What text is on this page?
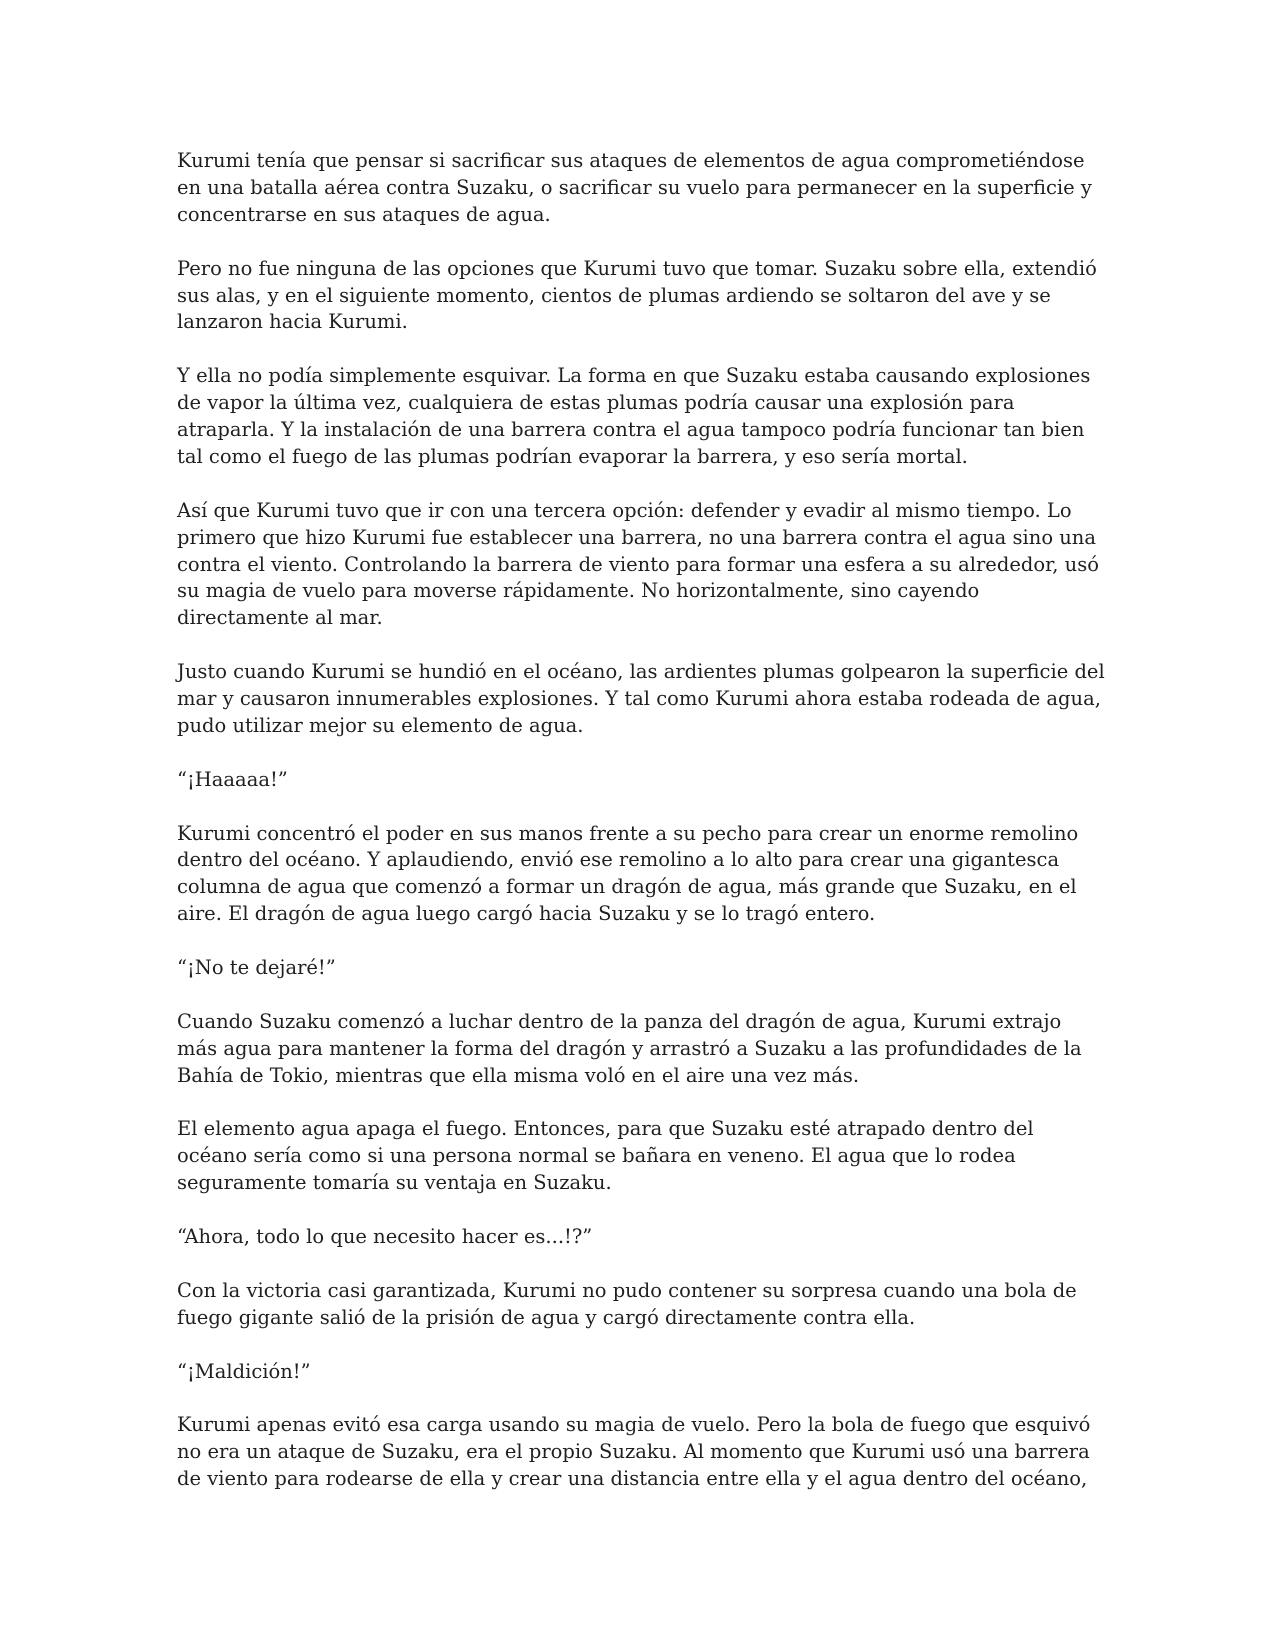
Kurumi tenía que pensar si sacrificar sus ataques de elementos de agua comprometiéndose en una batalla aérea contra Suzaku, o sacrificar su vuelo para permanecer en la superficie y concentrarse en sus ataques de agua.

Pero no fue ninguna de las opciones que Kurumi tuvo que tomar. Suzaku sobre ella, extendió sus alas, y en el siguiente momento, cientos de plumas ardiendo se soltaron del ave y se lanzaron hacia Kurumi.

Y ella no podía simplemente esquivar. La forma en que Suzaku estaba causando explosiones de vapor la última vez, cualquiera de estas plumas podría causar una explosión para atraparla. Y la instalación de una barrera contra el agua tampoco podría funcionar tan bien tal como el fuego de las plumas podrían evaporar la barrera, y eso sería mortal.

Así que Kurumi tuvo que ir con una tercera opción: defender y evadir al mismo tiempo. Lo primero que hizo Kurumi fue establecer una barrera, no una barrera contra el agua sino una contra el viento. Controlando la barrera de viento para formar una esfera a su alrededor, usó su magia de vuelo para moverse rápidamente. No horizontalmente, sino cayendo directamente al mar.

Justo cuando Kurumi se hundió en el océano, las ardientes plumas golpearon la superficie del mar y causaron innumerables explosiones. Y tal como Kurumi ahora estaba rodeada de agua, pudo utilizar mejor su elemento de agua.

“¡Haaaaa!”

Kurumi concentró el poder en sus manos frente a su pecho para crear un enorme remolino dentro del océano. Y aplaudiendo, envió ese remolino a lo alto para crear una gigantesca columna de agua que comenzó a formar un dragón de agua, más grande que Suzaku, en el aire. El dragón de agua luego cargó hacia Suzaku y se lo tragó entero.

“¡No te dejaré!”

Cuando Suzaku comenzó a luchar dentro de la panza del dragón de agua, Kurumi extrajo más agua para mantener la forma del dragón y arrastró a Suzaku a las profundidades de la Bahía de Tokio, mientras que ella misma voló en el aire una vez más.

El elemento agua apaga el fuego. Entonces, para que Suzaku esté atrapado dentro del océano sería como si una persona normal se bañara en veneno. El agua que lo rodea seguramente tomaría su ventaja en Suzaku.

“Ahora, todo lo que necesito hacer es...!?”

Con la victoria casi garantizada, Kurumi no pudo contener su sorpresa cuando una bola de fuego gigante salió de la prisión de agua y cargó directamente contra ella.

“¡Maldición!”

Kurumi apenas evitó esa carga usando su magia de vuelo. Pero la bola de fuego que esquivó no era un ataque de Suzaku, era el propio Suzaku. Al momento que Kurumi usó una barrera de viento para rodearse de ella y crear una distancia entre ella y el agua dentro del océano,
